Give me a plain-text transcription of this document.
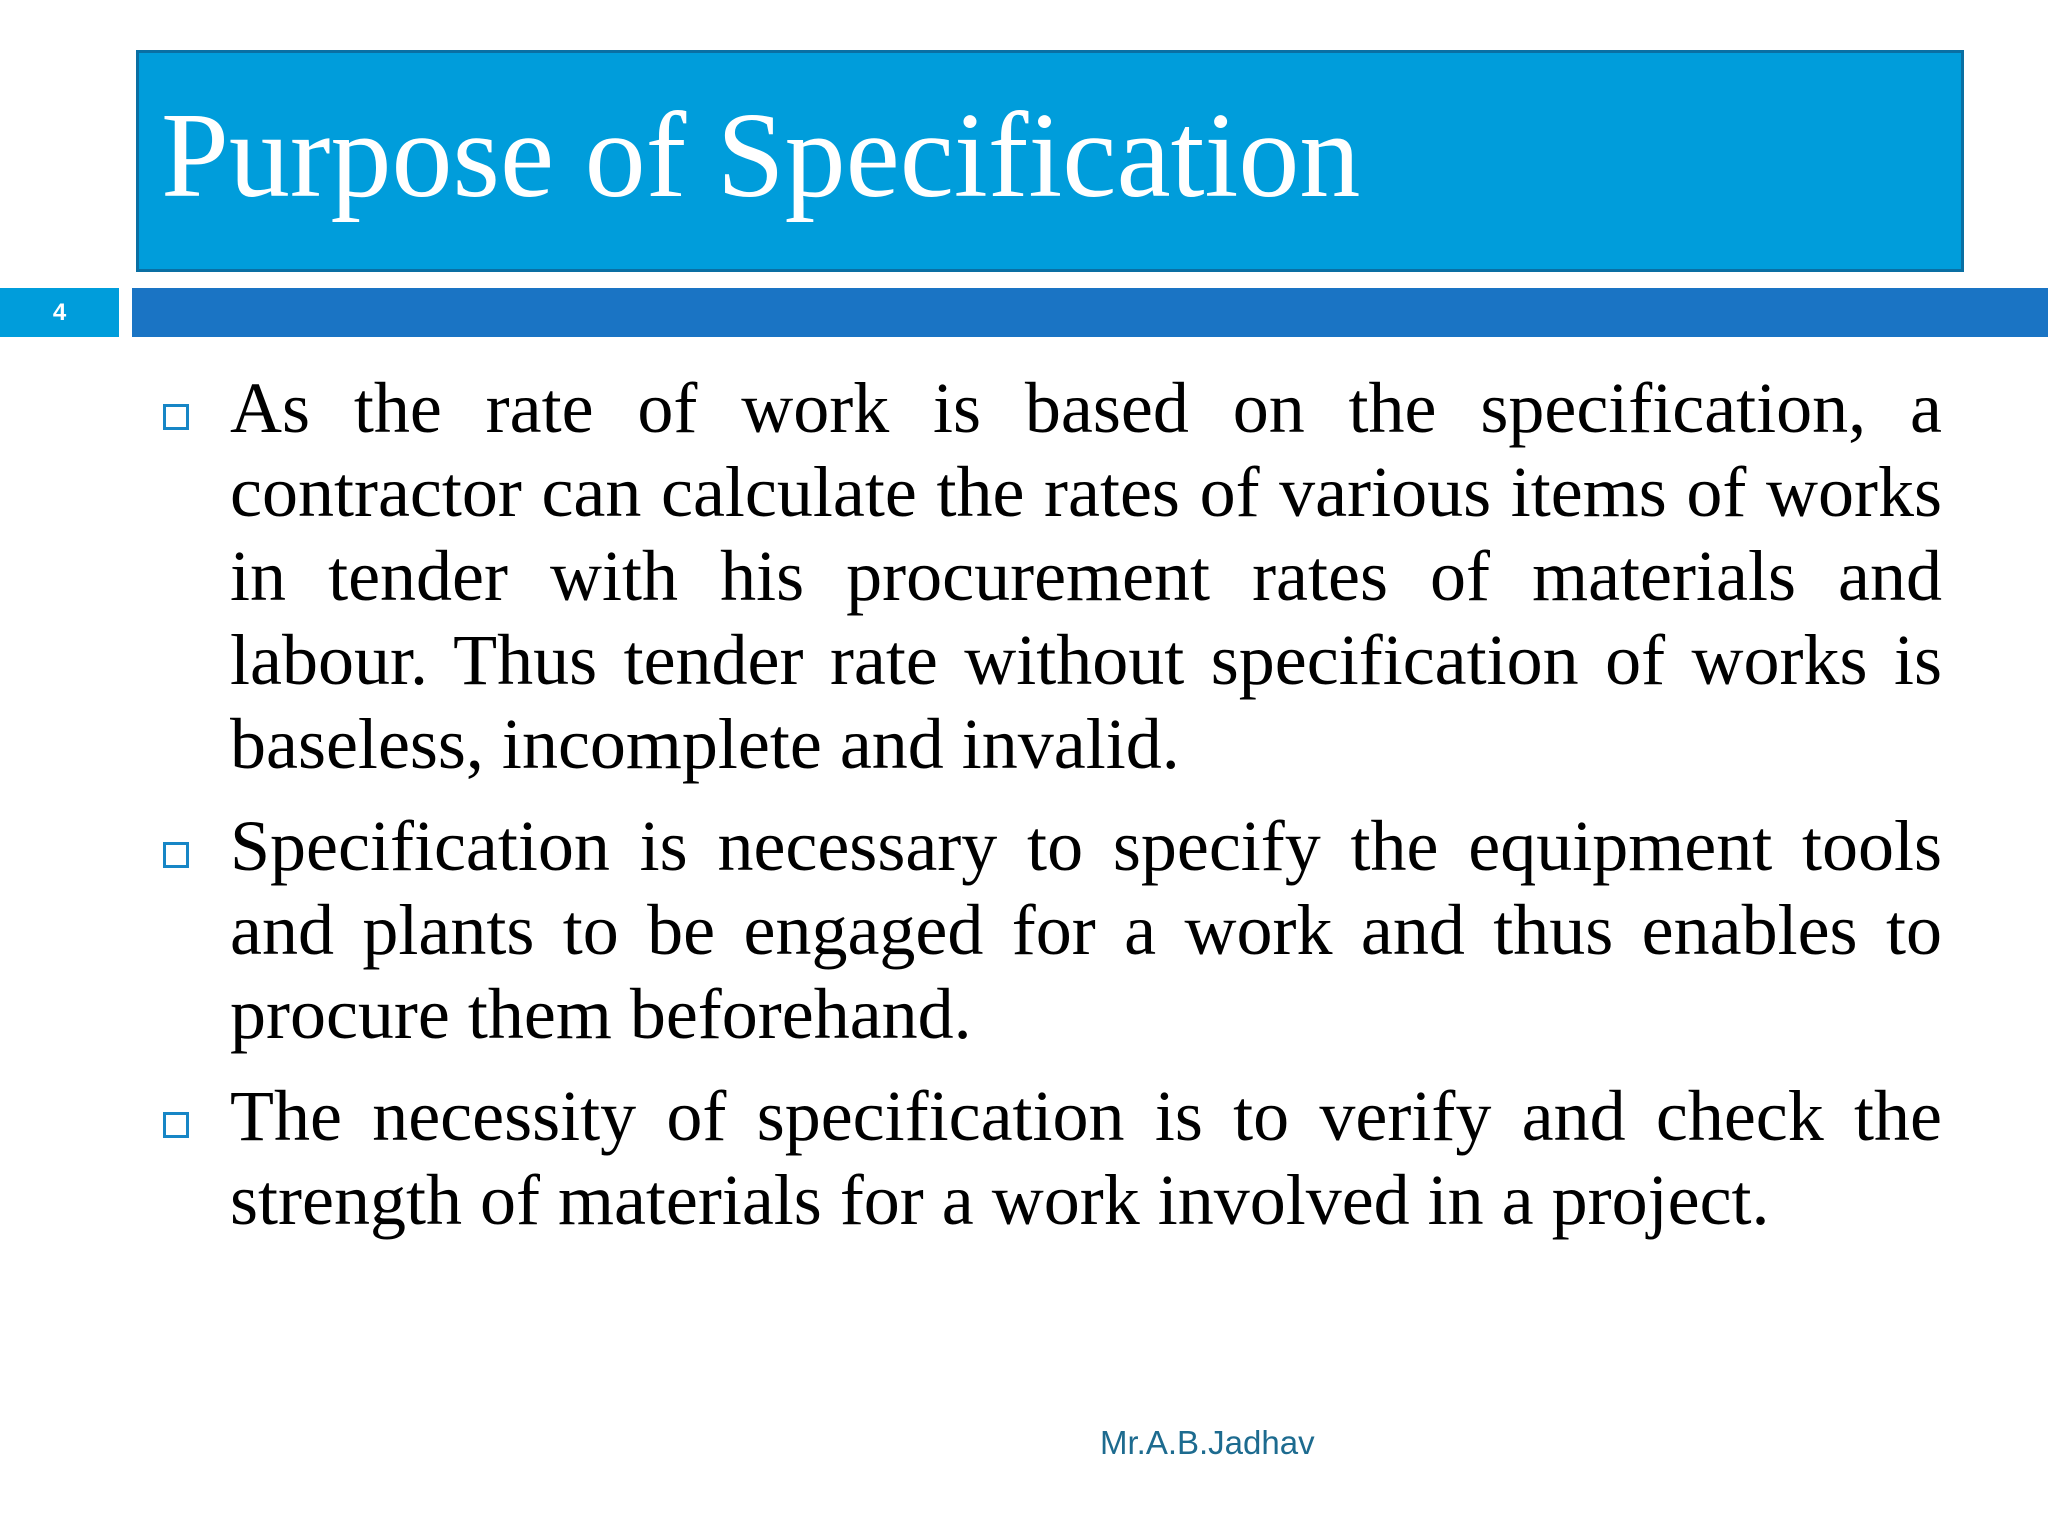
Purpose of Specification
4
As the rate of work is based on the specification, a contractor can calculate the rates of various items of works in tender with his procurement rates of materials and labour. Thus tender rate without specification of works is baseless, incomplete and invalid.
Specification is necessary to specify the equipment tools and plants to be engaged for a work and thus enables to procure them beforehand.
The necessity of specification is to verify and check the strength of materials for a work involved in a project.
Mr.A.B.Jadhav
